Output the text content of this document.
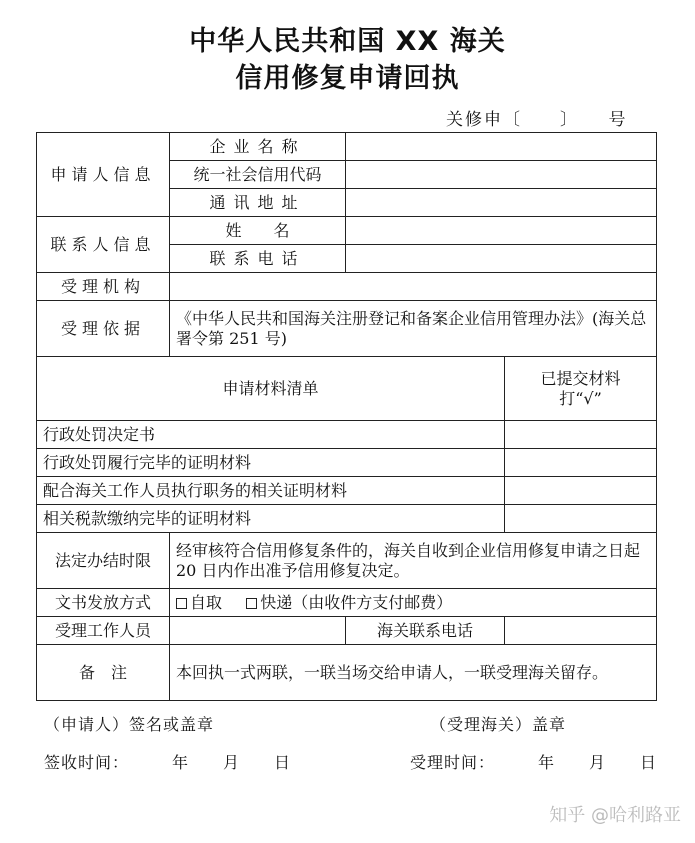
中华人民共和国 XX 海关
信用修复申请回执
关修申〔　　〕　　号
申请人信息	企业名称		
	统一社会信用代码		
	通讯地址		
联系人信息	姓　　名		
	联系电话		
受理机构			
受理依据	《中华人民共和国海关注册登记和备案企业信用管理办法》(海关总署令第 251 号)		
申请材料清单			已提交材料
打“√”

行政处罚决定书			
行政处罚履行完毕的证明材料			
配合海关工作人员执行职务的相关证明材料			
相关税款缴纳完毕的证明材料			
法定办结时限	经审核符合信用修复条件的，海关自收到企业信用修复申请之日起 20 日内作出准予信用修复决定。		
文书发放方式	自取 快递（由收件方支付邮费）		
受理工作人员		海关联系电话	
备　注	本回执一式两联，一联当场交给申请人，一联受理海关留存。		
（申请人）签名或盖章	（受理海关）盖章
签收时间：　　　年　　月　　日	受理时间：　　　年　　月　　日
知乎 @哈利路亚
